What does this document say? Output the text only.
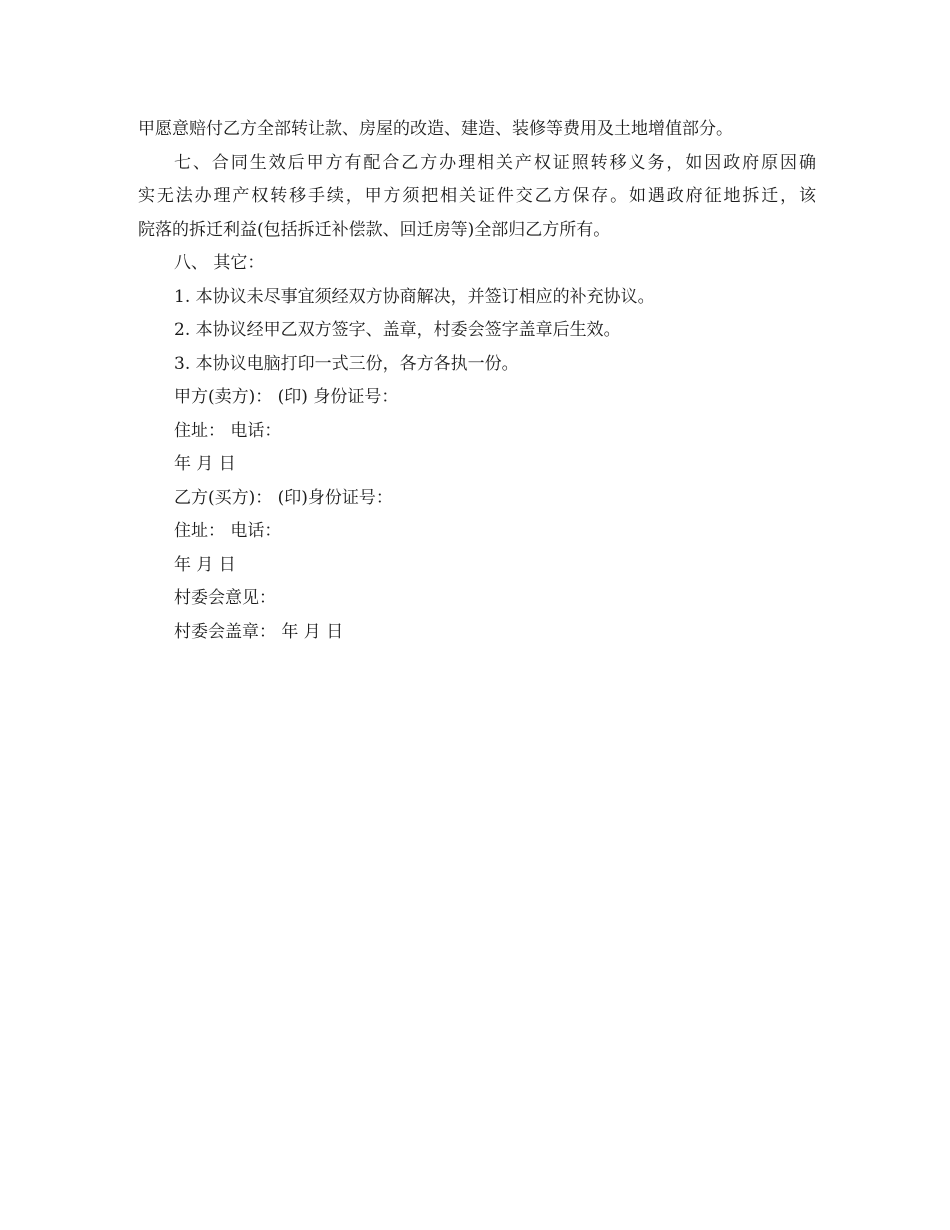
甲愿意赔付乙方全部转让款、房屋的改造、建造、装修等费用及土地增值部分。
七、合同生效后甲方有配合乙方办理相关产权证照转移义务，如因政府原因确
实无法办理产权转移手续，甲方须把相关证件交乙方保存。如遇政府征地拆迁，该
院落的拆迁利益(包括拆迁补偿款、回迁房等)全部归乙方所有。
八、 其它：
1. 本协议未尽事宜须经双方协商解决，并签订相应的补充协议。
2. 本协议经甲乙双方签字、盖章，村委会签字盖章后生效。
3. 本协议电脑打印一式三份，各方各执一份。
甲方(卖方)： (印) 身份证号：
住址： 电话：
年 月 日
乙方(买方)： (印)身份证号：
住址： 电话：
年 月 日
村委会意见：
村委会盖章： 年 月 日
